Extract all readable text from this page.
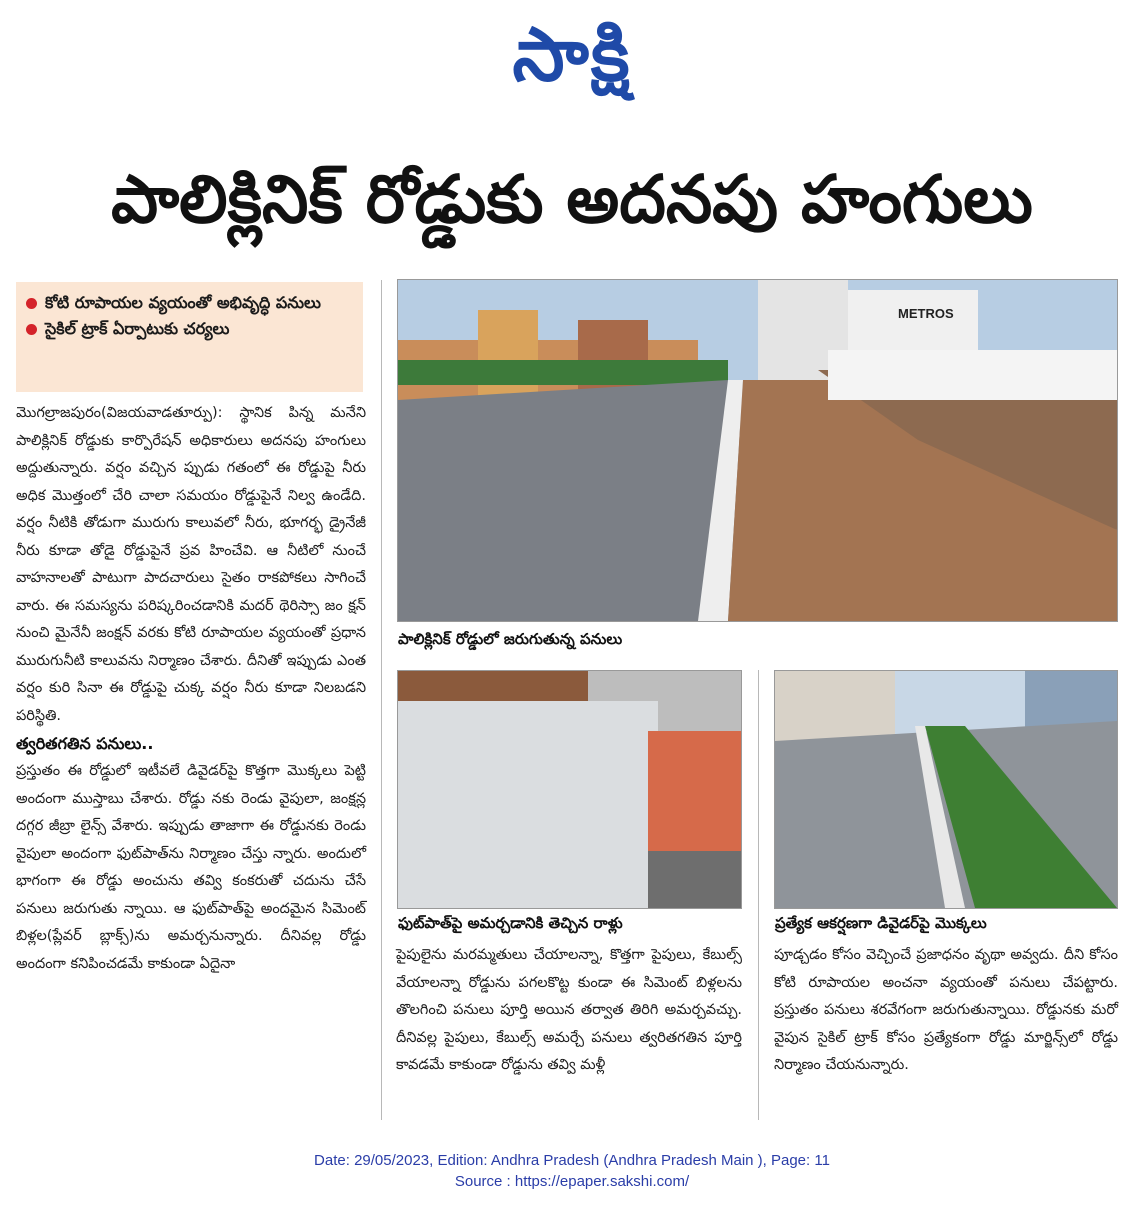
సాక్షి
పాలిక్లినిక్ రోడ్డుకు అదనపు హంగులు
కోటి రూపాయల వ్యయంతో అభివృద్ధి పనులు
సైకిల్ ట్రాక్ ఏర్పాటుకు చర్యలు
మొగల్రాజపురం(విజయవాడతూర్పు): స్థానిక పిన్న మనేని పాలిక్లినిక్ రోడ్డుకు కార్పొరేషన్ అధికారులు అదనపు హంగులు అద్దుతున్నారు. వర్షం వచ్చిన ప్పుడు గతంలో ఈ రోడ్డుపై నీరు అధిక మొత్తంలో చేరి చాలా సమయం రోడ్డుపైనే నిల్వ ఉండేది. వర్షం నీటికి తోడుగా మురుగు కాలువలో నీరు, భూగర్భ డ్రైనేజీ నీరు కూడా తోడై రోడ్డుపైనే ప్రవ హించేవి. ఆ నీటిలో నుంచే వాహనాలతో పాటుగా పాదచారులు సైతం రాకపోకలు సాగించే వారు. ఈ సమస్యను పరిష్కరించడానికి మదర్ థెరిస్సా జం క్షన్ నుంచి మైనేనీ జంక్షన్ వరకు కోటి రూపాయల వ్యయంతో ప్రధాన మురుగునీటి కాలువను నిర్మాణం చేశారు. దీనితో ఇప్పుడు ఎంత వర్షం కురి సినా ఈ రోడ్డుపై చుక్క వర్షం నీరు కూడా నిలబడని పరిస్థితి.
త్వరితగతిన పనులు..
ప్రస్తుతం ఈ రోడ్డులో ఇటీవలే డివైడర్‌పై కొత్తగా మొక్కలు పెట్టి అందంగా ముస్తాబు చేశారు. రోడ్డు నకు రెండు వైపులా, జంక్షన్ల దగ్గర జీబ్రా లైన్స్ వేశారు. ఇప్పుడు తాజాగా ఈ రోడ్డునకు రెండు వైపులా అందంగా ఫుట్‌పాత్‌ను నిర్మాణం చేస్తు న్నారు. అందులో భాగంగా ఈ రోడ్డు అంచును తవ్వి కంకరుతో చదును చేసే పనులు జరుగుతు న్నాయి. ఆ ఫుట్‌పాత్‌పై అందమైన సిమెంట్ బిళ్లల(ప్లేవర్ బ్లాక్స్)ను అమర్చనున్నారు. దీనివల్ల రోడ్డు అందంగా కనిపించడమే కాకుండా ఏదైనా
METROS
పాలిక్లినిక్ రోడ్డులో జరుగుతున్న పనులు
ఫుట్‌పాత్‌పై అమర్చడానికి తెచ్చిన రాళ్లు	ప్రత్యేక ఆకర్షణగా డివైడర్‌పై మొక్కలు
పైపులైను మరమ్మతులు చేయాలన్నా, కొత్తగా పైపులు, కేబుల్స్ వేయాలన్నా రోడ్డును పగలకొట్ట కుండా ఈ సిమెంట్ బిళ్లలను తొలగించి పనులు పూర్తి అయిన తర్వాత తిరిగి అమర్చవచ్చు. దీనివల్ల పైపులు, కేబుల్స్ అమర్చే పనులు త్వరితగతిన పూర్తి కావడమే కాకుండా రోడ్డును తవ్వి మళ్లీ
పూడ్చడం కోసం వెచ్చించే ప్రజాధనం వృథా అవ్వదు. దీని కోసం కోటి రూపాయల అంచనా వ్యయంతో పనులు చేపట్టారు. ప్రస్తుతం పనులు శరవేగంగా జరుగుతున్నాయి. రోడ్డునకు మరో వైపున సైకిల్ ట్రాక్ కోసం ప్రత్యేకంగా రోడ్డు మార్జిన్స్‌లో రోడ్డు నిర్మాణం చేయనున్నారు.
Date: 29/05/2023, Edition: Andhra Pradesh (Andhra Pradesh Main ), Page: 11
Source : https://epaper.sakshi.com/
